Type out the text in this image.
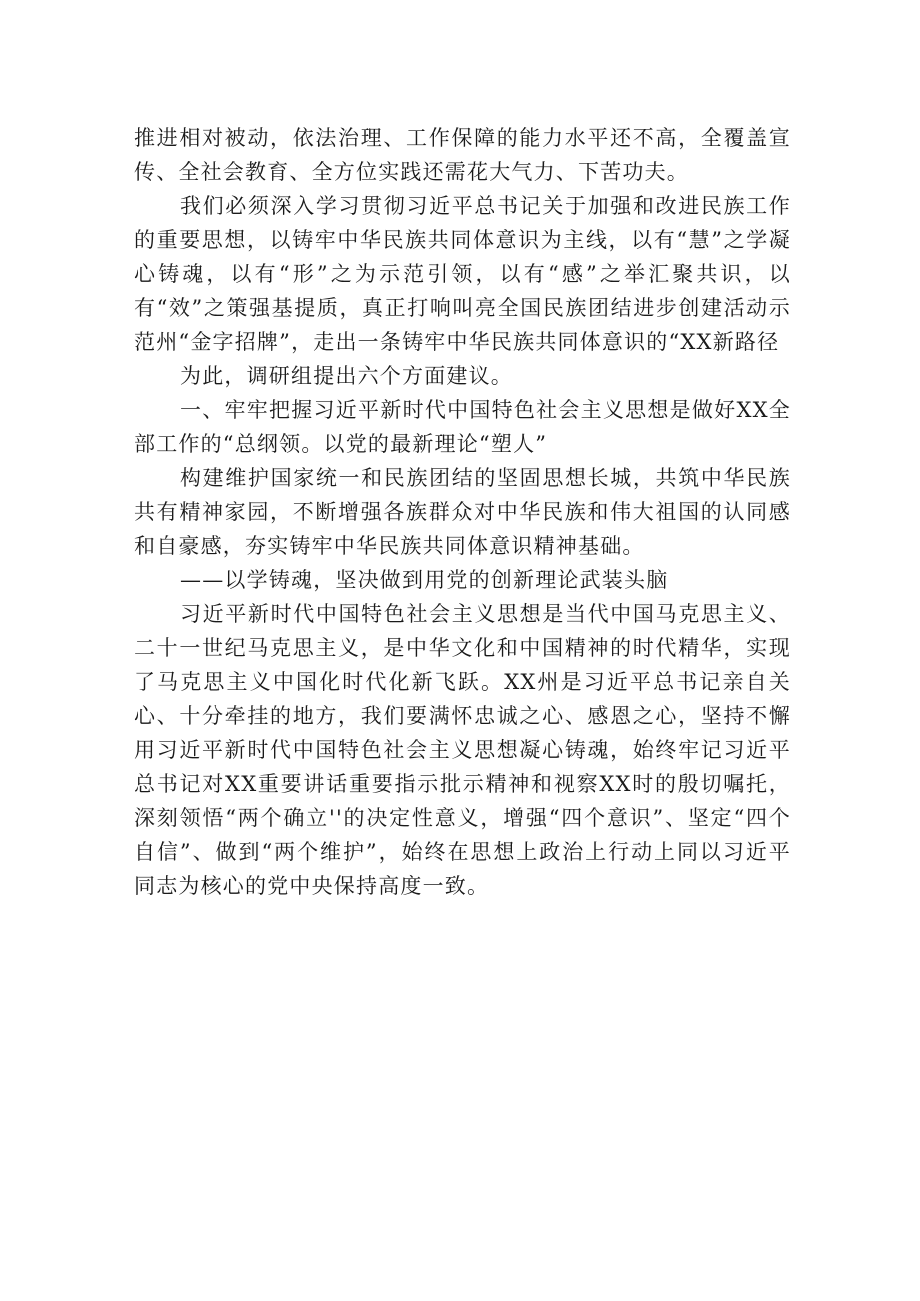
推进相对被动，依法治理、工作保障的能力水平还不高，全覆盖宣传、全社会教育、全方位实践还需花大气力、下苦功夫。

我们必须深入学习贯彻习近平总书记关于加强和改进民族工作的重要思想，以铸牢中华民族共同体意识为主线，以有“慧”之学凝心铸魂，以有“形”之为示范引领，以有“感”之举汇聚共识，以有“效”之策强基提质，真正打响叫亮全国民族团结进步创建活动示范州“金字招牌”，走出一条铸牢中华民族共同体意识的“XX新路径

为此，调研组提出六个方面建议。

一、牢牢把握习近平新时代中国特色社会主义思想是做好XX全部工作的“总纲领。以党的最新理论“塑人”

构建维护国家统一和民族团结的坚固思想长城，共筑中华民族共有精神家园，不断增强各族群众对中华民族和伟大祖国的认同感和自豪感，夯实铸牢中华民族共同体意识精神基础。

——以学铸魂，坚决做到用党的创新理论武装头脑

习近平新时代中国特色社会主义思想是当代中国马克思主义、二十一世纪马克思主义，是中华文化和中国精神的时代精华，实现了马克思主义中国化时代化新飞跃。XX州是习近平总书记亲自关心、十分牵挂的地方，我们要满怀忠诚之心、感恩之心，坚持不懈用习近平新时代中国特色社会主义思想凝心铸魂，始终牢记习近平总书记对XX重要讲话重要指示批示精神和视察XX时的殷切嘱托，深刻领悟“两个确立''的决定性意义，增强“四个意识”、坚定“四个自信”、做到“两个维护”，始终在思想上政治上行动上同以习近平同志为核心的党中央保持高度一致。
